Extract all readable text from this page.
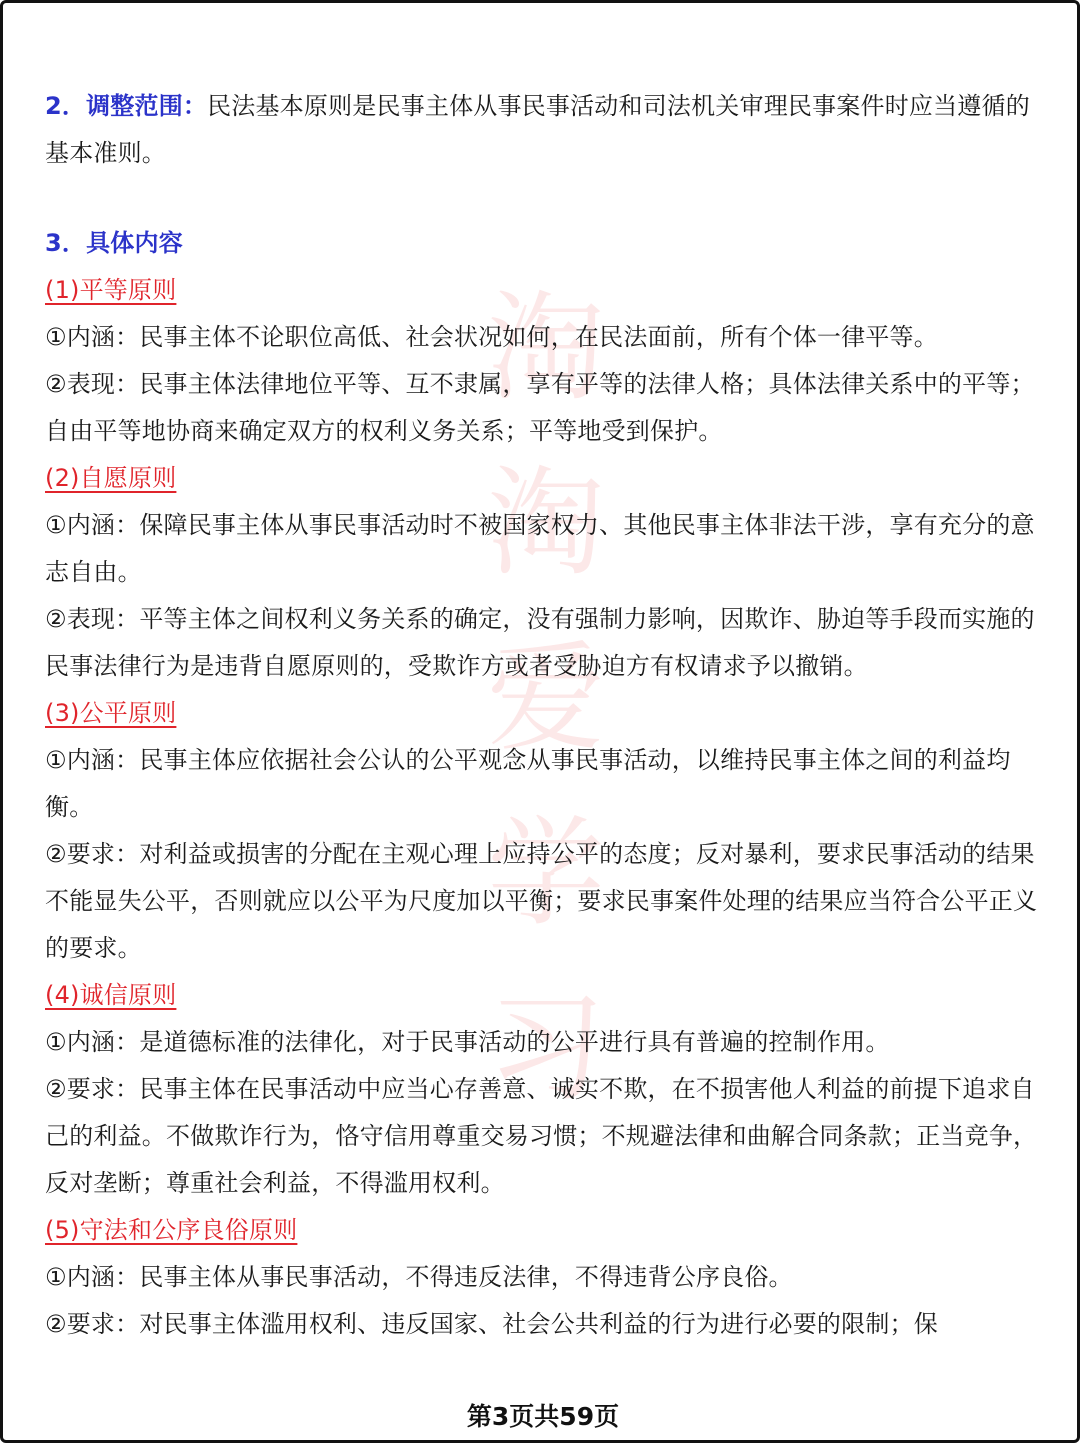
淘
淘
爱
学
习

2．调整范围：民法基本原则是民事主体从事民事活动和司法机关审理民事案件时应当遵循的基本准则。

3．具体内容

(1)平等原则

①内涵：民事主体不论职位高低、社会状况如何，在民法面前，所有个体一律平等。

②表现：民事主体法律地位平等、互不隶属，享有平等的法律人格；具体法律关系中的平等；自由平等地协商来确定双方的权利义务关系；平等地受到保护。

(2)自愿原则

①内涵：保障民事主体从事民事活动时不被国家权力、其他民事主体非法干涉，享有充分的意志自由。

②表现：平等主体之间权利义务关系的确定，没有强制力影响，因欺诈、胁迫等手段而实施的民事法律行为是违背自愿原则的，受欺诈方或者受胁迫方有权请求予以撤销。

(3)公平原则

①内涵：民事主体应依据社会公认的公平观念从事民事活动，以维持民事主体之间的利益均衡。

②要求：对利益或损害的分配在主观心理上应持公平的态度；反对暴利，要求民事活动的结果不能显失公平，否则就应以公平为尺度加以平衡；要求民事案件处理的结果应当符合公平正义的要求。

(4)诚信原则

①内涵：是道德标准的法律化，对于民事活动的公平进行具有普遍的控制作用。

②要求：民事主体在民事活动中应当心存善意、诚实不欺，在不损害他人利益的前提下追求自己的利益。不做欺诈行为，恪守信用尊重交易习惯；不规避法律和曲解合同条款；正当竞争，反对垄断；尊重社会利益，不得滥用权利。

(5)守法和公序良俗原则

①内涵：民事主体从事民事活动，不得违反法律，不得违背公序良俗。

②要求：对民事主体滥用权利、违反国家、社会公共利益的行为进行必要的限制；保

第3页共59页
